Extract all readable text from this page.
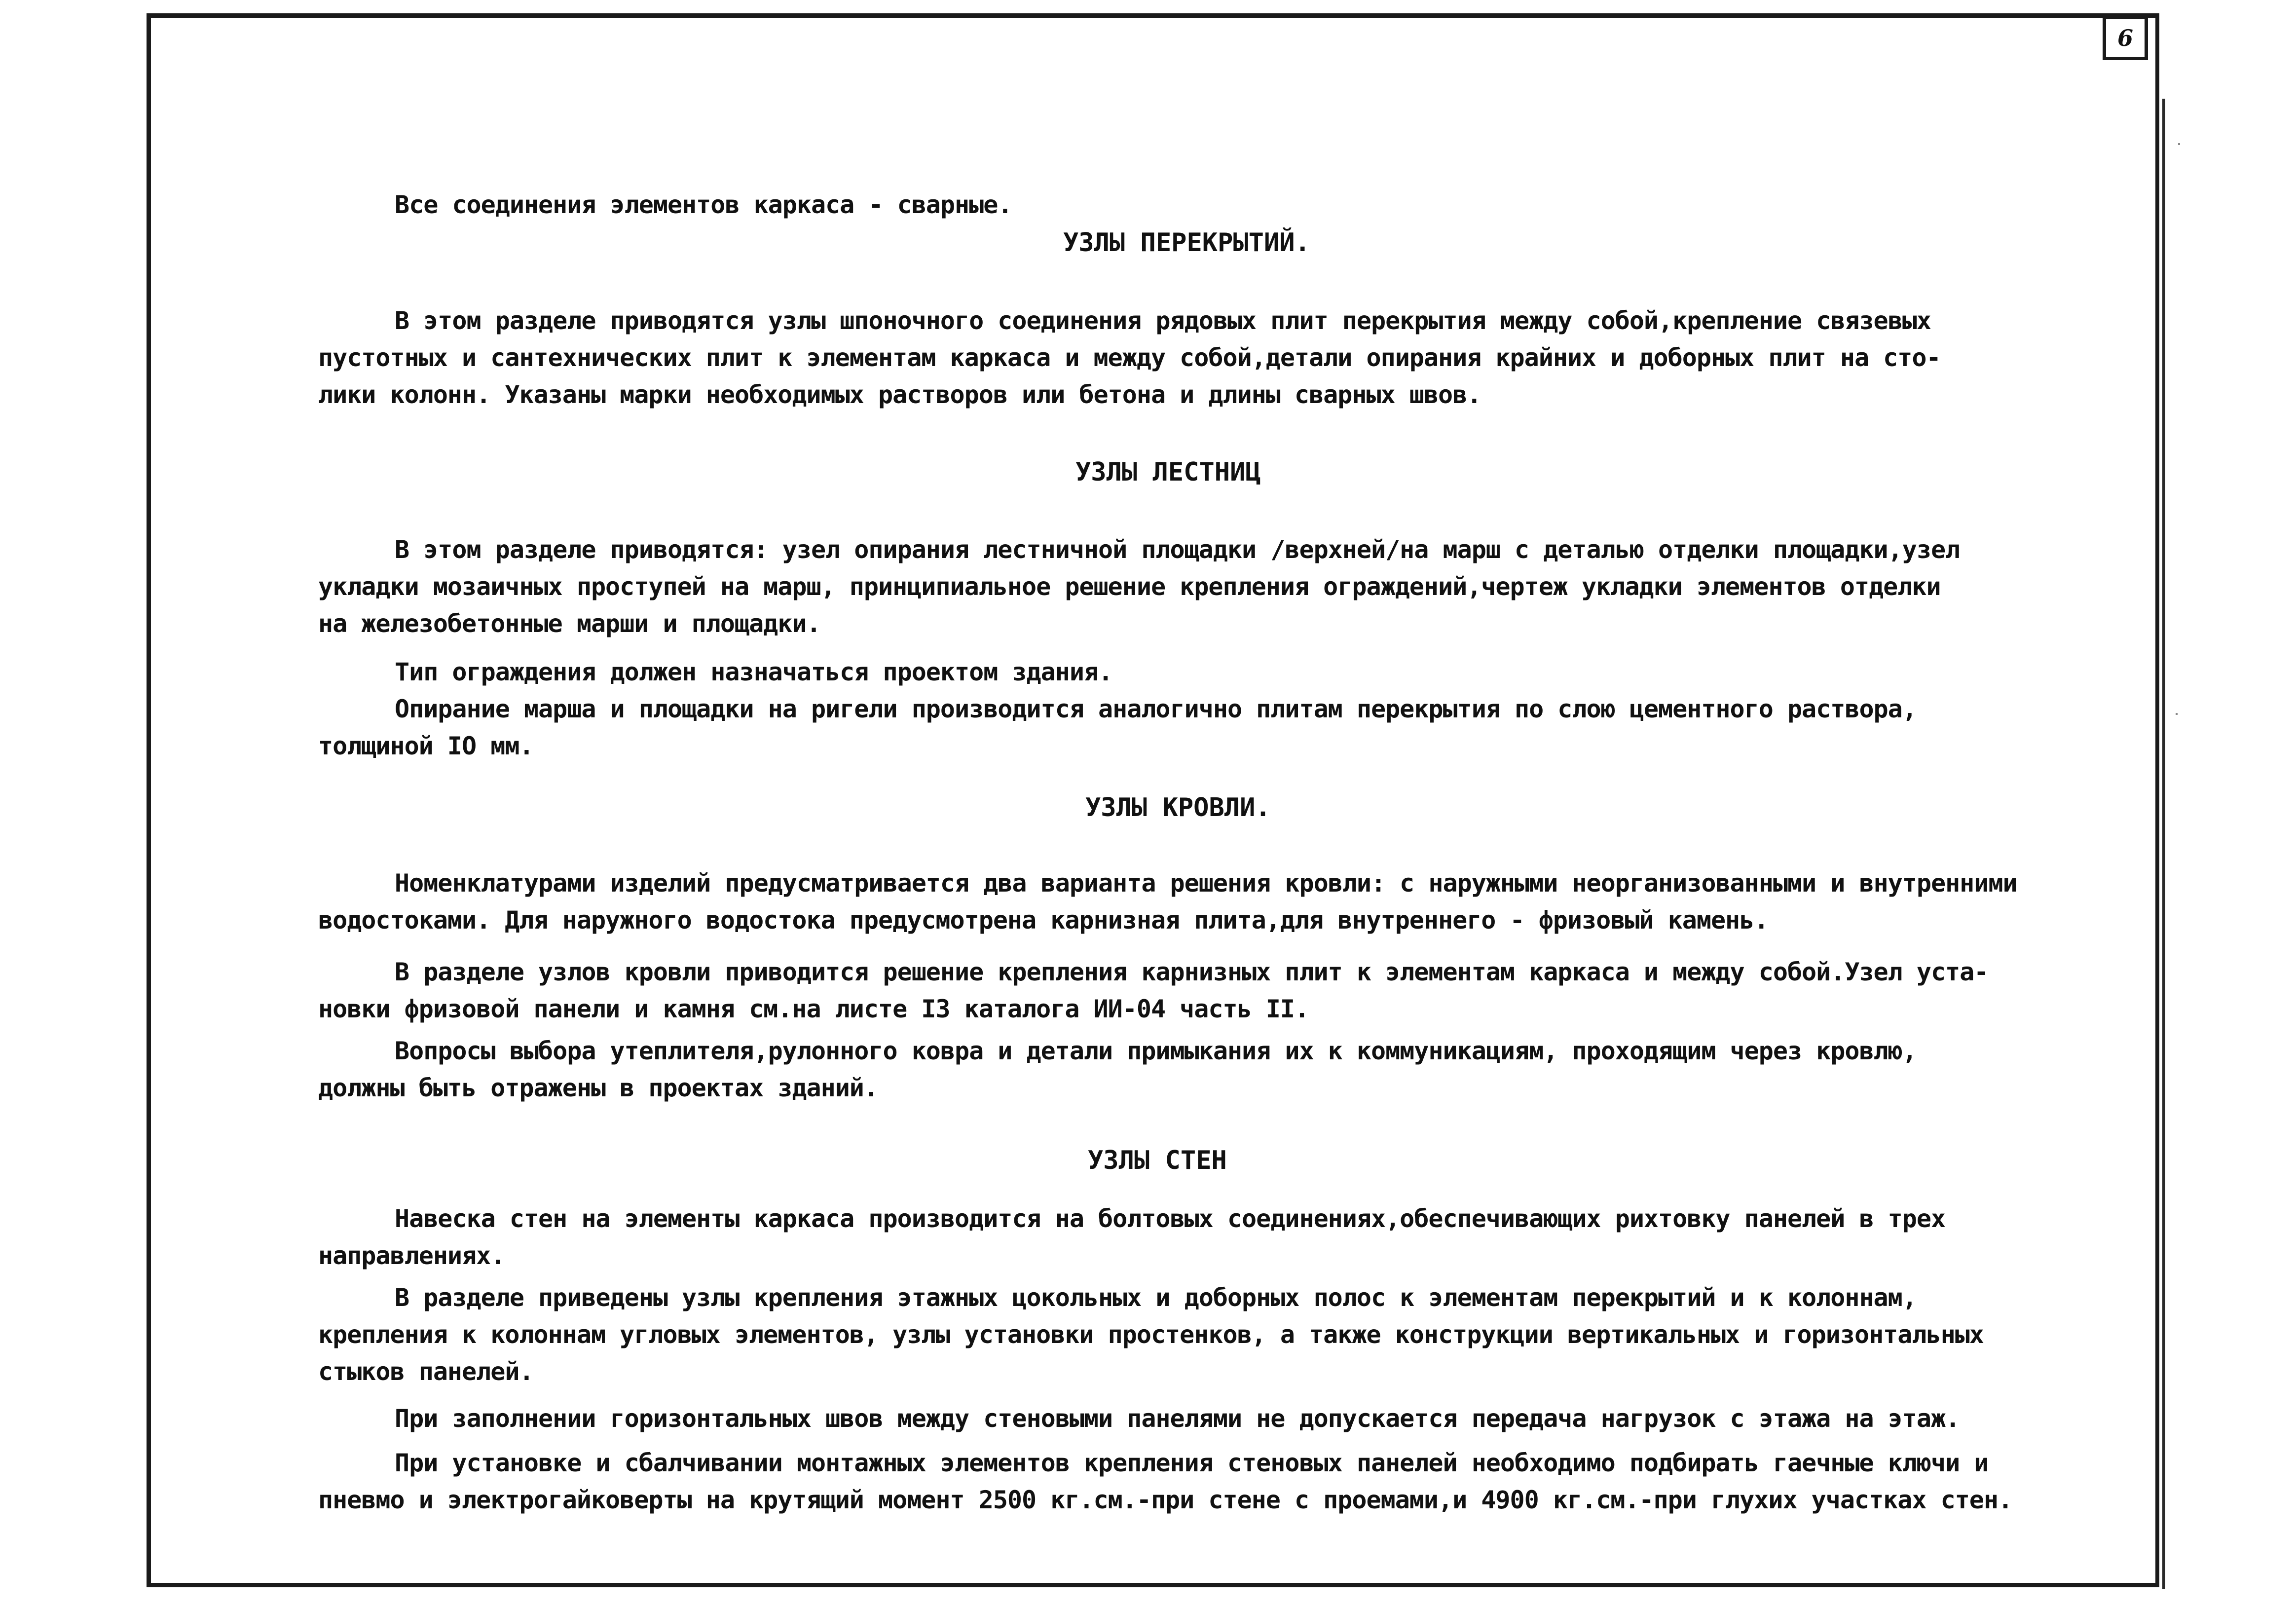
6

Все соединения элементов каркаса - сварные.

УЗЛЫ ПЕРЕКРЫТИЙ.

В этом разделе приводятся узлы шпоночного соединения рядовых плит перекрытия между собой,крепление связевых
пустотных и сантехнических плит к элементам каркаса и между собой,детали опирания крайних и доборных плит на сто-
лики колонн. Указаны марки необходимых растворов или бетона и длины сварных швов.

УЗЛЫ ЛЕСТНИЦ

В этом разделе приводятся: узел опирания лестничной площадки /верхней/на марш с деталью отделки площадки,узел
укладки мозаичных проступей на марш, принципиальное решение крепления ограждений,чертеж укладки элементов отделки
на железобетонные марши и площадки.

Тип ограждения должен назначаться проектом здания.

Опирание марша и площадки на ригели производится аналогично плитам перекрытия по слою цементного раствора,
толщиной IO мм.

УЗЛЫ КРОВЛИ.

Номенклатурами изделий предусматривается два варианта решения кровли: с наружными неорганизованными и внутренними
водостоками. Для наружного водостока предусмотрена карнизная плита,для внутреннего - фризовый камень.

В разделе узлов кровли приводится решение крепления карнизных плит к элементам каркаса и между собой.Узел уста-
новки фризовой панели и камня см.на листе I3 каталога ИИ-04 часть II.

Вопросы выбора утеплителя,рулонного ковра и детали примыкания их к коммуникациям, проходящим через кровлю,
должны быть отражены в проектах зданий.

УЗЛЫ СТЕН

Навеска стен на элементы каркаса производится на болтовых соединениях,обеспечивающих рихтовку панелей в трех
направлениях.

В разделе приведены узлы крепления этажных цокольных и доборных полос к элементам перекрытий и к колоннам,
крепления к колоннам угловых элементов, узлы установки простенков, а также конструкции вертикальных и горизонтальных
стыков панелей.

При заполнении горизонтальных швов между стеновыми панелями не допускается передача нагрузок с этажа на этаж.

При установке и сбалчивании монтажных элементов крепления стеновых панелей необходимо подбирать гаечные ключи и
пневмо и электрогайковерты на крутящий момент 2500 кг.см.-при стене с проемами,и 4900 кг.см.-при глухих участках стен.
